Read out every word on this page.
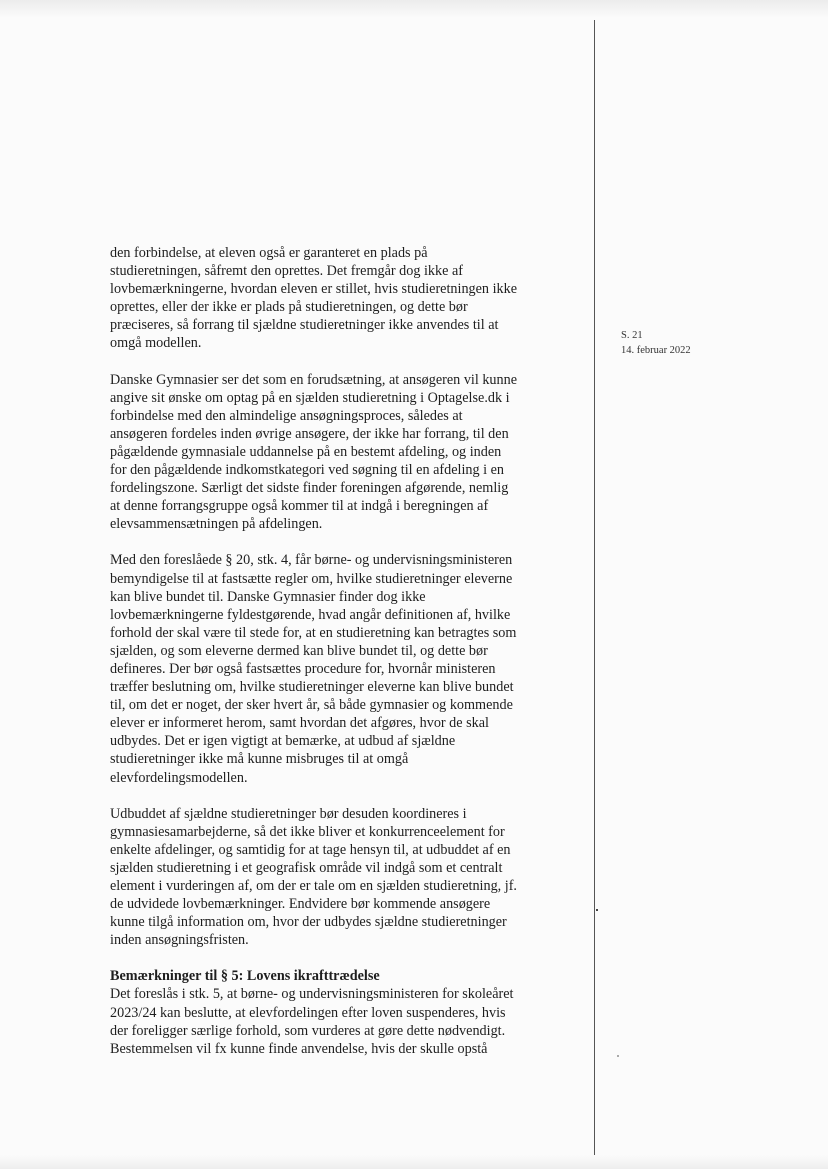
S. 21
14. februar 2022
den forbindelse, at eleven også er garanteret en plads på
studieretningen, såfremt den oprettes. Det fremgår dog ikke af
lovbemærkningerne, hvordan eleven er stillet, hvis studieretningen ikke
oprettes, eller der ikke er plads på studieretningen, og dette bør
præciseres, så forrang til sjældne studieretninger ikke anvendes til at
omgå modellen.
Danske Gymnasier ser det som en forudsætning, at ansøgeren vil kunne
angive sit ønske om optag på en sjælden studieretning i Optagelse.dk i
forbindelse med den almindelige ansøgningsproces, således at
ansøgeren fordeles inden øvrige ansøgere, der ikke har forrang, til den
pågældende gymnasiale uddannelse på en bestemt afdeling, og inden
for den pågældende indkomstkategori ved søgning til en afdeling i en
fordelingszone. Særligt det sidste finder foreningen afgørende, nemlig
at denne forrangsgruppe også kommer til at indgå i beregningen af
elevsammensætningen på afdelingen.
Med den foreslåede § 20, stk. 4, får børne- og undervisningsministeren
bemyndigelse til at fastsætte regler om, hvilke studieretninger eleverne
kan blive bundet til. Danske Gymnasier finder dog ikke
lovbemærkningerne fyldestgørende, hvad angår definitionen af, hvilke
forhold der skal være til stede for, at en studieretning kan betragtes som
sjælden, og som eleverne dermed kan blive bundet til, og dette bør
defineres. Der bør også fastsættes procedure for, hvornår ministeren
træffer beslutning om, hvilke studieretninger eleverne kan blive bundet
til, om det er noget, der sker hvert år, så både gymnasier og kommende
elever er informeret herom, samt hvordan det afgøres, hvor de skal
udbydes. Det er igen vigtigt at bemærke, at udbud af sjældne
studieretninger ikke må kunne misbruges til at omgå
elevfordelingsmodellen.
Udbuddet af sjældne studieretninger bør desuden koordineres i
gymnasiesamarbejderne, så det ikke bliver et konkurrenceelement for
enkelte afdelinger, og samtidig for at tage hensyn til, at udbuddet af en
sjælden studieretning i et geografisk område vil indgå som et centralt
element i vurderingen af, om der er tale om en sjælden studieretning, jf.
de udvidede lovbemærkninger. Endvidere bør kommende ansøgere
kunne tilgå information om, hvor der udbydes sjældne studieretninger
inden ansøgningsfristen.
Bemærkninger til § 5: Lovens ikrafttrædelse
Det foreslås i stk. 5, at børne- og undervisningsministeren for skoleåret
2023/24 kan beslutte, at elevfordelingen efter loven suspenderes, hvis
der foreligger særlige forhold, som vurderes at gøre dette nødvendigt.
Bestemmelsen vil fx kunne finde anvendelse, hvis der skulle opstå
